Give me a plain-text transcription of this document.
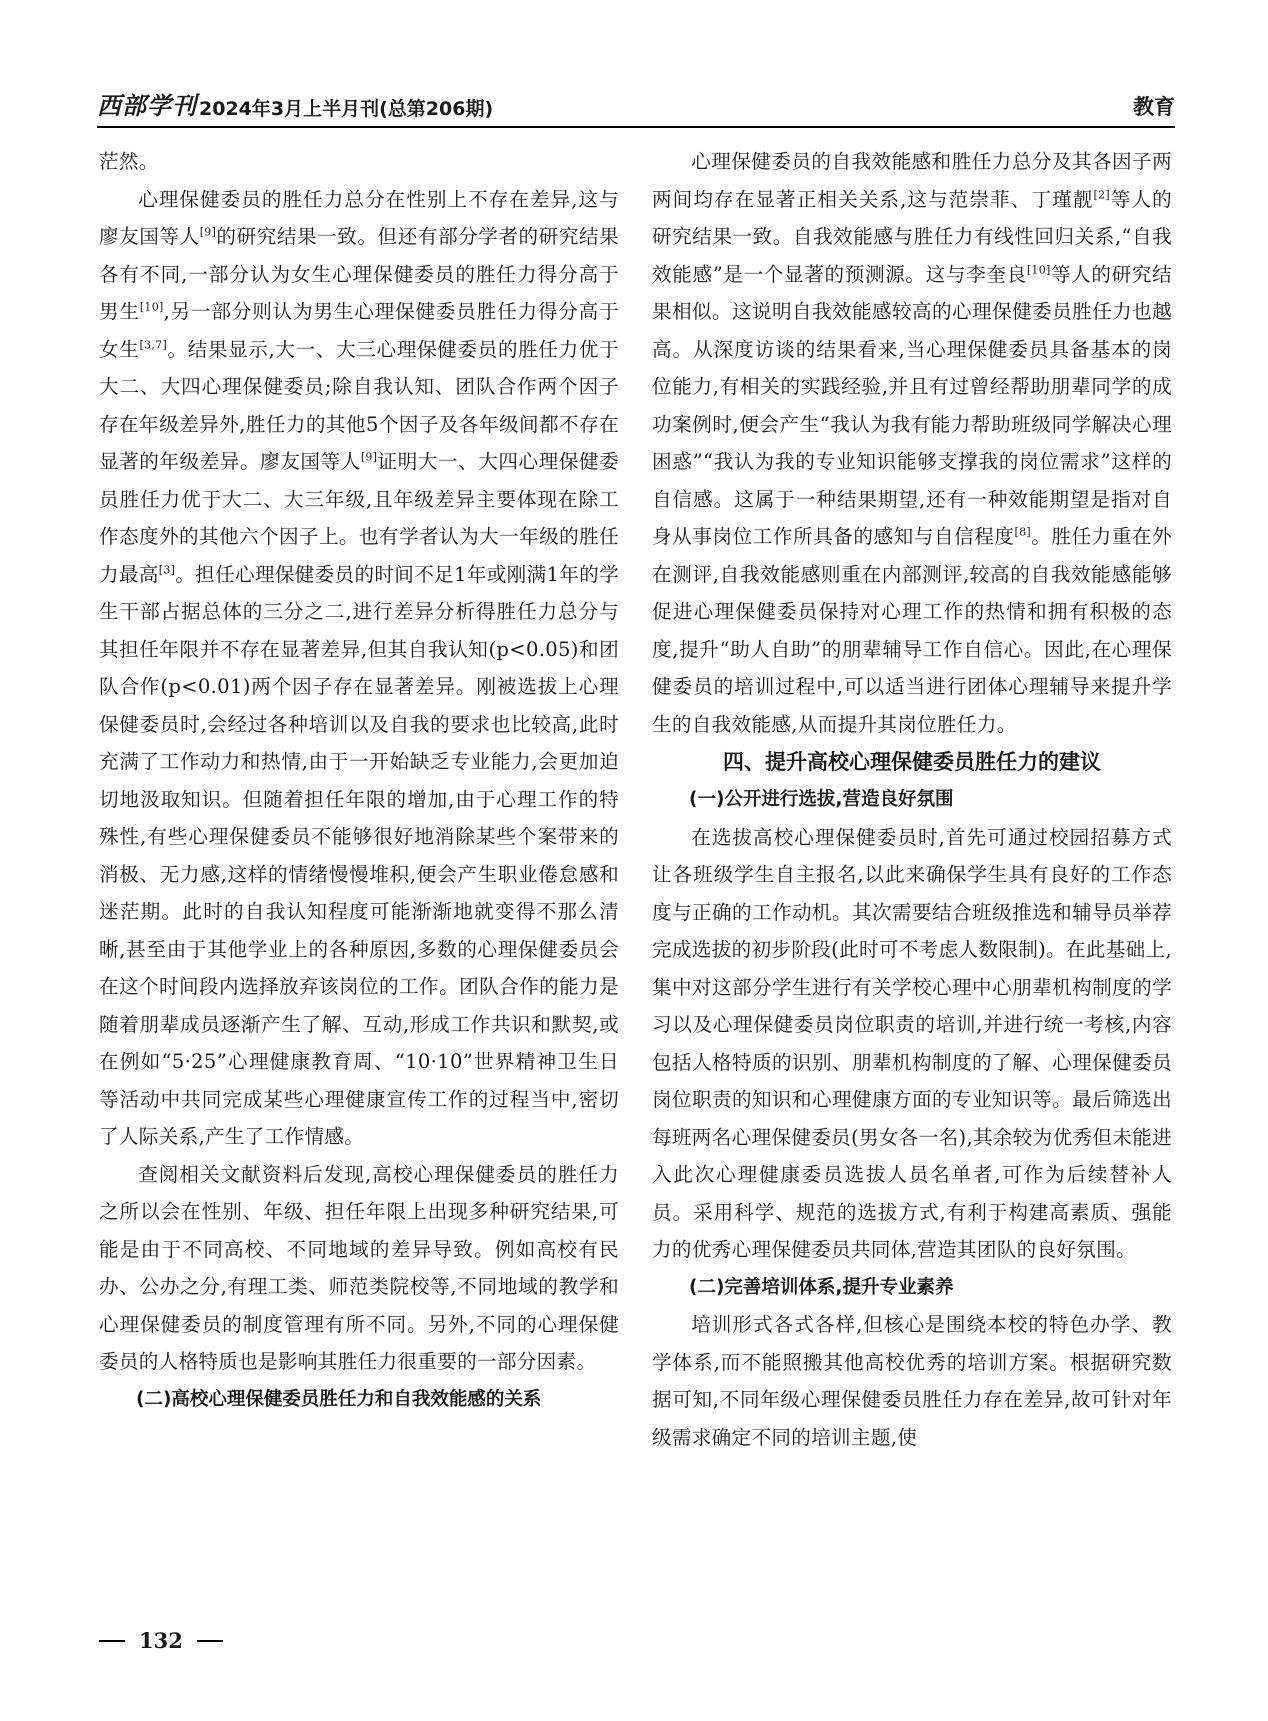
西部学刊 2024年3月上半月刊(总第206期)	教育

茫然。

心理保健委员的胜任力总分在性别上不存在差异,这与廖友国等人[9]的研究结果一致。但还有部分学者的研究结果各有不同,一部分认为女生心理保健委员的胜任力得分高于男生[10],另一部分则认为男生心理保健委员胜任力得分高于女生[3,7]。结果显示,大一、大三心理保健委员的胜任力优于大二、大四心理保健委员;除自我认知、团队合作两个因子存在年级差异外,胜任力的其他5个因子及各年级间都不存在显著的年级差异。廖友国等人[9]证明大一、大四心理保健委员胜任力优于大二、大三年级,且年级差异主要体现在除工作态度外的其他六个因子上。也有学者认为大一年级的胜任力最高[3]。担任心理保健委员的时间不足1年或刚满1年的学生干部占据总体的三分之二,进行差异分析得胜任力总分与其担任年限并不存在显著差异,但其自我认知(p<0.05)和团队合作(p<0.01)两个因子存在显著差异。刚被选拔上心理保健委员时,会经过各种培训以及自我的要求也比较高,此时充满了工作动力和热情,由于一开始缺乏专业能力,会更加迫切地汲取知识。但随着担任年限的增加,由于心理工作的特殊性,有些心理保健委员不能够很好地消除某些个案带来的消极、无力感,这样的情绪慢慢堆积,便会产生职业倦怠感和迷茫期。此时的自我认知程度可能渐渐地就变得不那么清晰,甚至由于其他学业上的各种原因,多数的心理保健委员会在这个时间段内选择放弃该岗位的工作。团队合作的能力是随着朋辈成员逐渐产生了解、互动,形成工作共识和默契,或在例如“5·25”心理健康教育周、“10·10”世界精神卫生日等活动中共同完成某些心理健康宣传工作的过程当中,密切了人际关系,产生了工作情感。

查阅相关文献资料后发现,高校心理保健委员的胜任力之所以会在性别、年级、担任年限上出现多种研究结果,可能是由于不同高校、不同地域的差异导致。例如高校有民办、公办之分,有理工类、师范类院校等,不同地域的教学和心理保健委员的制度管理有所不同。另外,不同的心理保健委员的人格特质也是影响其胜任力很重要的一部分因素。

(二)高校心理保健委员胜任力和自我效能感的关系

心理保健委员的自我效能感和胜任力总分及其各因子两两间均存在显著正相关关系,这与范崇菲、丁瑾靓[2]等人的研究结果一致。自我效能感与胜任力有线性回归关系,“自我效能感”是一个显著的预测源。这与李奎良[10]等人的研究结果相似。这说明自我效能感较高的心理保健委员胜任力也越高。从深度访谈的结果看来,当心理保健委员具备基本的岗位能力,有相关的实践经验,并且有过曾经帮助朋辈同学的成功案例时,便会产生“我认为我有能力帮助班级同学解决心理困惑”“我认为我的专业知识能够支撑我的岗位需求”这样的自信感。这属于一种结果期望,还有一种效能期望是指对自身从事岗位工作所具备的感知与自信程度[8]。胜任力重在外在测评,自我效能感则重在内部测评,较高的自我效能感能够促进心理保健委员保持对心理工作的热情和拥有积极的态度,提升“助人自助”的朋辈辅导工作自信心。因此,在心理保健委员的培训过程中,可以适当进行团体心理辅导来提升学生的自我效能感,从而提升其岗位胜任力。

四、提升高校心理保健委员胜任力的建议

(一)公开进行选拔,营造良好氛围

在选拔高校心理保健委员时,首先可通过校园招募方式让各班级学生自主报名,以此来确保学生具有良好的工作态度与正确的工作动机。其次需要结合班级推选和辅导员举荐完成选拔的初步阶段(此时可不考虑人数限制)。在此基础上,集中对这部分学生进行有关学校心理中心朋辈机构制度的学习以及心理保健委员岗位职责的培训,并进行统一考核,内容包括人格特质的识别、朋辈机构制度的了解、心理保健委员岗位职责的知识和心理健康方面的专业知识等。最后筛选出每班两名心理保健委员(男女各一名),其余较为优秀但未能进入此次心理健康委员选拔人员名单者,可作为后续替补人员。采用科学、规范的选拔方式,有利于构建高素质、强能力的优秀心理保健委员共同体,营造其团队的良好氛围。

(二)完善培训体系,提升专业素养

培训形式各式各样,但核心是围绕本校的特色办学、教学体系,而不能照搬其他高校优秀的培训方案。根据研究数据可知,不同年级心理保健委员胜任力存在差异,故可针对年级需求确定不同的培训主题,使

132
